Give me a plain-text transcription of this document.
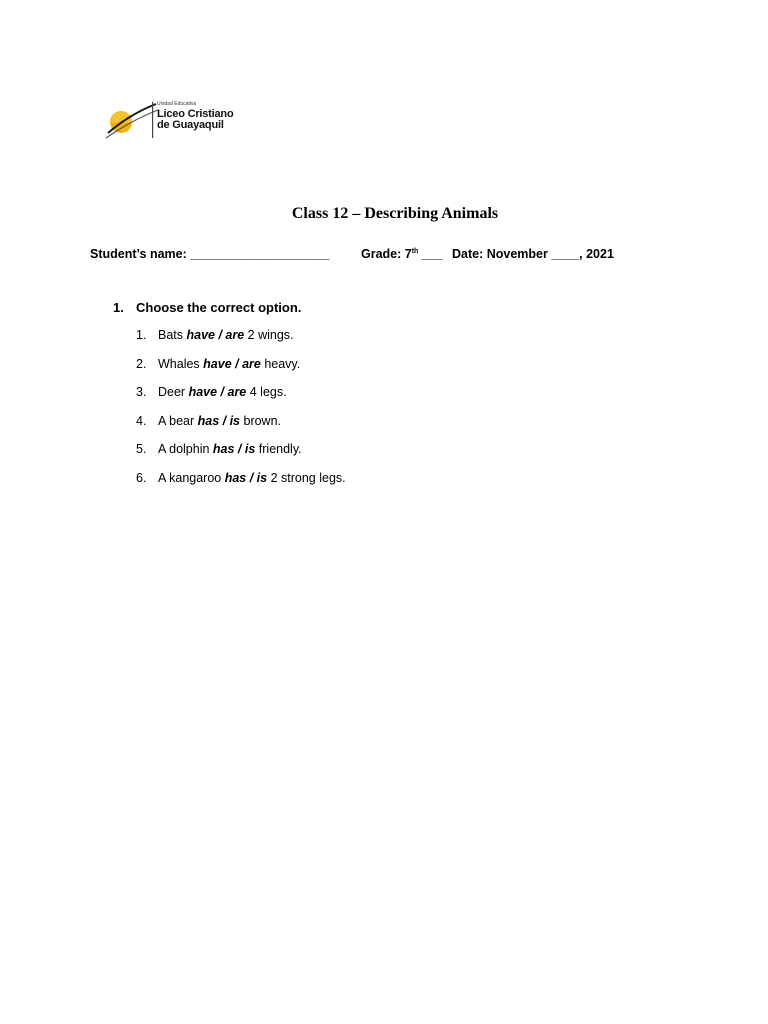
Unidad Educativa
Liceo Cristiano
de Guayaquil
Class 12 – Describing Animals
Student’s name: ____________________	Grade: 7th ___ Date: November ____, 2021
1. Choose the correct option.
1. Bats have / are 2 wings.
2. Whales have / are heavy.
3. Deer have / are 4 legs.
4. A bear has / is brown.
5. A dolphin has / is friendly.
6. A kangaroo has / is 2 strong legs.
